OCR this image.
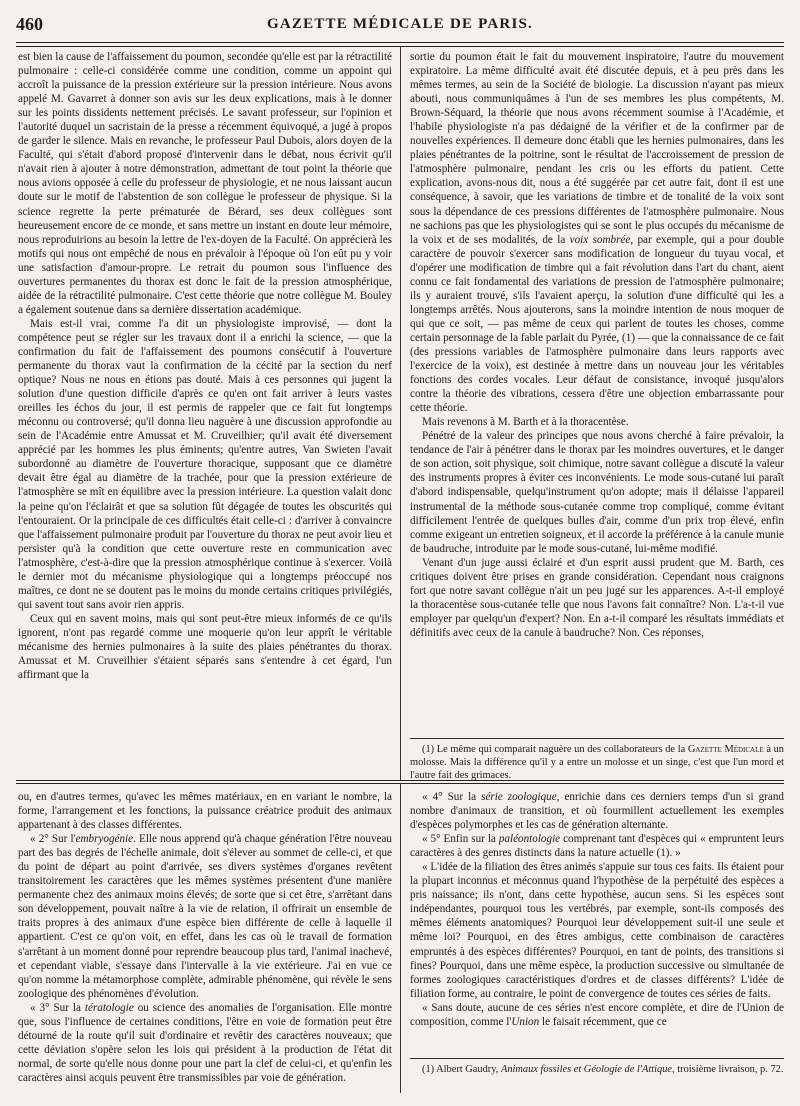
460	GAZETTE MÉDICALE DE PARIS.

est bien la cause de l'affaissement du poumon, secondée qu'elle est par la rétractilité pulmonaire : celle-ci considérée comme une condition, comme un appoint qui accroît la puissance de la pression extérieure sur la pression intérieure. Nous avons appelé M. Gavarret à donner son avis sur les deux explications, mais à le donner sur les points dissidents nettement précisés. Le savant professeur, sur l'opinion et l'autorité duquel un sacristain de la presse a récemment équivoqué, a jugé à propos de garder le silence. Mais en revanche, le professeur Paul Dubois, alors doyen de la Faculté, qui s'était d'abord proposé d'intervenir dans le débat, nous écrivit qu'il n'avait rien à ajouter à notre démonstration, admettant de tout point la théorie que nous avions opposée à celle du professeur de physiologie, et ne nous laissant aucun doute sur le motif de l'abstention de son collègue le professeur de physique. Si la science regrette la perte prématurée de Bérard, ses deux collègues sont heureusement encore de ce monde, et sans mettre un instant en doute leur mémoire, nous reproduirions au besoin la lettre de l'ex-doyen de la Faculté. On apprécierà les motifs qui nous ont empêché de nous en prévaloir à l'époque où l'on eût pu y voir une satisfaction d'amour-propre. Le retrait du poumon sous l'influence des ouvertures permanentes du thorax est donc le fait de la pression atmosphérique, aidée de la rétractilité pulmonaire. C'est cette théorie que notre collègue M. Bouley a également soutenue dans sa dernière dissertation académique.

Mais est-il vrai, comme l'a dit un physiologiste improvisé, — dont la compétence peut se régler sur les travaux dont il a enrichi la science, — que la confirmation du fait de l'affaissement des poumons consécutif à l'ouverture permanente du thorax vaut la confirmation de la cécité par la section du nerf optique? Nous ne nous en étions pas douté. Mais à ces personnes qui jugent la solution d'une question difficile d'après ce qu'en ont fait arriver à leurs vastes oreilles les échos du jour, il est permis de rappeler que ce fait fut longtemps méconnu ou controversé; qu'il donna lieu naguère à une discussion approfondie au sein de l'Académie entre Amussat et M. Cruveilhier; qu'il avait été diversement apprécié par les hommes les plus éminents; qu'entre autres, Van Swieten l'avait subordonné au diamètre de l'ouverture thoracique, supposant que ce diamètre devait être égal au diamètre de la trachée, pour que la pression extérieure de l'atmosphère se mît en équilibre avec la pression intérieure. La question valait donc la peine qu'on l'éclairât et que sa solution fût dégagée de toutes les obscurités qui l'entouraient. Or la principale de ces difficultés était celle-ci : d'arriver à convaincre que l'affaissement pulmonaire produit par l'ouverture du thorax ne peut avoir lieu et persister qu'à la condition que cette ouverture reste en communication avec l'atmosphère, c'est-à-dire que la pression atmosphérique continue à s'exercer. Voilà le dernier mot du mécanisme physiologique qui a longtemps préoccupé nos maîtres, ce dont ne se doutent pas le moins du monde certains critiques privilégiés, qui savent tout sans avoir rien appris.

Ceux qui en savent moins, mais qui sont peut-être mieux informés de ce qu'ils ignorent, n'ont pas regardé comme une moquerie qu'on leur apprît le véritable mécanisme des hernies pulmonaires à la suite des plaies pénétrantes du thorax. Amussat et M. Cruveilhier s'étaient séparés sans s'entendre à cet égard, l'un affirmant que la

sortie du poumon était le fait du mouvement inspiratoire, l'autre du mouvement expiratoire. La même difficulté avait été discutée depuis, et à peu près dans les mêmes termes, au sein de la Société de biologie. La discussion n'ayant pas mieux abouti, nous communiquâmes à l'un de ses membres les plus compétents, M. Brown-Séquard, la théorie que nous avons récemment soumise à l'Académie, et l'habile physiologiste n'a pas dédaigné de la vérifier et de la confirmer par de nouvelles expériences. Il demeure donc établi que les hernies pulmonaires, dans les plaies pénétrantes de la poitrine, sont le résultat de l'accroissement de pression de l'atmosphère pulmonaire, pendant les cris ou les efforts du patient. Cette explication, avons-nous dit, nous a été suggérée par cet autre fait, dont il est une conséquence, à savoir, que les variations de timbre et de tonalité de la voix sont sous la dépendance de ces pressions différentes de l'atmosphère pulmonaire. Nous ne sachions pas que les physiologistes qui se sont le plus occupés du mécanisme de la voix et de ses modalités, de la voix sombrée, par exemple, qui a pour double caractère de pouvoir s'exercer sans modification de longueur du tuyau vocal, et d'opérer une modification de timbre qui a fait révolution dans l'art du chant, aient connu ce fait fondamental des variations de pression de l'atmosphère pulmonaire; ils y auraient trouvé, s'ils l'avaient aperçu, la solution d'une difficulté qui les a longtemps arrêtés. Nous ajouterons, sans la moindre intention de nous moquer de qui que ce soit, — pas même de ceux qui parlent de toutes les choses, comme certain personnage de la fable parlait du Pyrée, (1) — que la connaissance de ce fait (des pressions variables de l'atmosphère pulmonaire dans leurs rapports avec l'exercice de la voix), est destinée à mettre dans un nouveau jour les véritables fonctions des cordes vocales. Leur défaut de consistance, invoqué jusqu'alors contre la théorie des vibrations, cessera d'être une objection embarrassante pour cette théorie.

Mais revenons à M. Barth et à la thoracentèse.

Pénétré de la valeur des principes que nous avons cherché à faire prévaloir, la tendance de l'air à pénétrer dans le thorax par les moindres ouvertures, et le danger de son action, soit physique, soit chimique, notre savant collègue a discuté la valeur des instruments propres à éviter ces inconvénients. Le mode sous-cutané lui paraît d'abord indispensable, quelqu'instrument qu'on adopte; mais il délaisse l'appareil instrumental de la méthode sous-cutanée comme trop compliqué, comme évitant difficilement l'entrée de quelques bulles d'air, comme d'un prix trop élevé, enfin comme exigeant un entretien soigneux, et il accorde la préférence à la canule munie de baudruche, introduite par le mode sous-cutané, lui-même modifié.

Venant d'un juge aussi éclairé et d'un esprit aussi prudent que M. Barth, ces critiques doivent être prises en grande considération. Cependant nous craignons fort que notre savant collègue n'ait un peu jugé sur les apparences. A-t-il employé la thoracentèse sous-cutanée telle que nous l'avons fait connaître? Non. L'a-t-il vue employer par quelqu'un d'expert? Non. En a-t-il comparé les résultats immédiats et définitifs avec ceux de la canule à baudruche? Non. Ces réponses,

(1) Le même qui comparait naguère un des collaborateurs de la Gazette Médicale à un molosse. Mais la différence qu'il y a entre un molosse et un singe, c'est que l'un mord et l'autre fait des grimaces.

ou, en d'autres termes, qu'avec les mêmes matériaux, en en variant le nombre, la forme, l'arrangement et les fonctions, la puissance créatrice produit des animaux appartenant à des classes différentes.

« 2° Sur l'embryogénie. Elle nous apprend qu'à chaque génération l'être nouveau part des bas degrés de l'échelle animale, doit s'élever au sommet de celle-ci, et que du point de départ au point d'arrivée, ses divers systèmes d'organes revêtent transitoirement les caractères que les mêmes systèmes présentent d'une manière permanente chez des animaux moins élevés; de sorte que si cet être, s'arrêtant dans son développement, pouvait naître à la vie de relation, il offrirait un ensemble de traits propres à des animaux d'une espèce bien différente de celle à laquelle il appartient. C'est ce qu'on voit, en effet, dans les cas où le travail de formation s'arrêtant à un moment donné pour reprendre beaucoup plus tard, l'animal inachevé, et cependant viable, s'essaye dans l'intervalle à la vie extérieure. J'ai en vue ce qu'on nomme la métamorphose complète, admirable phénomène, qui révèle le sens zoologique des phénomènes d'évolution.

« 3° Sur la tératologie ou science des anomalies de l'organisation. Elle montre que, sous l'influence de certaines conditions, l'être en voie de formation peut être détourné de la route qu'il suit d'ordinaire et revêtir des caractères nouveaux; que cette déviation s'opère selon les lois qui président à la production de l'état dit normal, de sorte qu'elle nous donne pour une part la clef de celui-ci, et qu'enfin les caractères ainsi acquis peuvent être transmissibles par voie de génération.

« 4° Sur la série zoologique, enrichie dans ces derniers temps d'un si grand nombre d'animaux de transition, et où fourmillent actuellement les exemples d'espèces polymorphes et les cas de génération alternante.

« 5° Enfin sur la paléontologie comprenant tant d'espèces qui « empruntent leurs caractères à des genres distincts dans la nature actuelle (1). »

« L'idée de la filiation des êtres animés s'appuie sur tous ces faits. Ils étaient pour la plupart inconnus et méconnus quand l'hypothèse de la perpétuité des espèces a pris naissance; ils n'ont, dans cette hypothèse, aucun sens. Si les espèces sont indépendantes, pourquoi tous les vertébrés, par exemple, sont-ils composés des mêmes éléments anatomiques? Pourquoi leur développement suit-il une seule et même loi? Pourquoi, en des êtres ambigus, cette combinaison de caractères empruntés à des espèces différentes? Pourquoi, en tant de points, des transitions si fines? Pourquoi, dans une même espèce, la production successive ou simultanée de formes zoologiques caractéristiques d'ordres et de classes différents? L'idée de filiation forme, au contraire, le point de convergence de toutes ces séries de faits.

« Sans doute, aucune de ces séries n'est encore complète, et dire de l'Union de composition, comme l'Union le faisait récemment, que ce

(1) Albert Gaudry, Animaux fossiles et Géologie de l'Attique, troisième livraison, p. 72.
